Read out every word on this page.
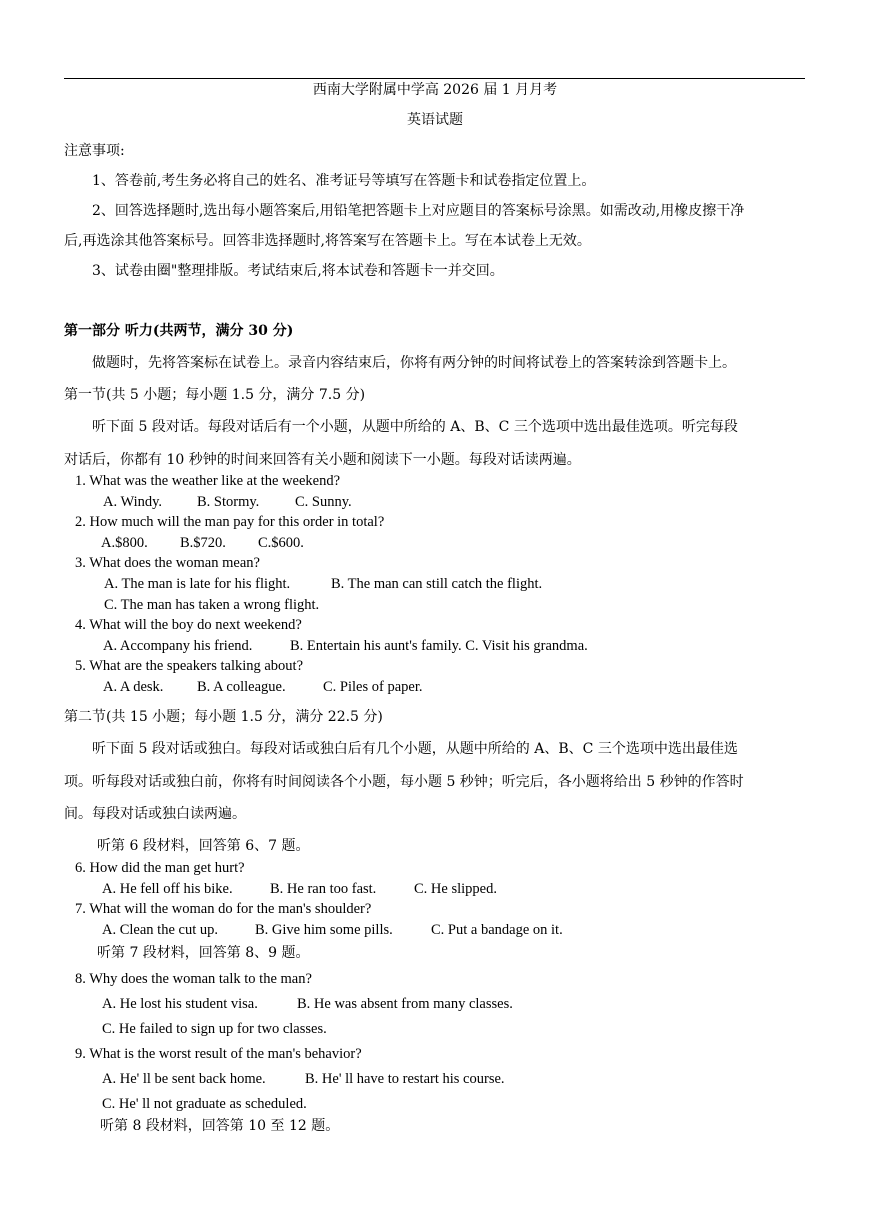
西南大学附属中学高 2026 届 1 月月考
英语试题
注意事项:
1、答卷前,考生务必将自己的姓名、准考证号等填写在答题卡和试卷指定位置上。
2、回答选择题时,选出每小题答案后,用铅笔把答题卡上对应题目的答案标号涂黑。如需改动,用橡皮擦干净
后,再选涂其他答案标号。回答非选择题时,将答案写在答题卡上。写在本试卷上无效。
3、试卷由圈"整理排版。考试结束后,将本试卷和答题卡一并交回。
第一部分 听力(共两节，满分 30 分)
做题时，先将答案标在试卷上。录音内容结束后，你将有两分钟的时间将试卷上的答案转涂到答题卡上。
第一节(共 5 小题；每小题 1.5 分，满分 7.5 分)
听下面 5 段对话。每段对话后有一个小题，从题中所给的 A、B、C 三个选项中选出最佳选项。听完每段
对话后，你都有 10 秒钟的时间来回答有关小题和阅读下一小题。每段对话读两遍。
1. What was the weather like at the weekend?
A. Windy. B. Stormy. C. Sunny.
2. How much will the man pay for this order in total?
A.$800. B.$720. C.$600.
3. What does the woman mean?
A. The man is late for his flight.	B. The man can still catch the flight.
C. The man has taken a wrong flight.
4. What will the boy do next weekend?
A. Accompany his friend.	B. Entertain his aunt's family. C. Visit his grandma.
5. What are the speakers talking about?
A. A desk. B. A colleague.	C. Piles of paper.
第二节(共 15 小题；每小题 1.5 分，满分 22.5 分)
听下面 5 段对话或独白。每段对话或独白后有几个小题，从题中所给的 A、B、C 三个选项中选出最佳选
项。听每段对话或独白前，你将有时间阅读各个小题，每小题 5 秒钟；听完后，各小题将给出 5 秒钟的作答时
间。每段对话或独白读两遍。
听第 6 段材料，回答第 6、7 题。
6. How did the man get hurt?
A. He fell off his bike.	B. He ran too fast.	C. He slipped.
7. What will the woman do for the man's shoulder?
A. Clean the cut up.	B. Give him some pills.	C. Put a bandage on it.
听第 7 段材料，回答第 8、9 题。
8. Why does the woman talk to the man?
A. He lost his student visa.	B. He was absent from many classes.
C. He failed to sign up for two classes.
9. What is the worst result of the man's behavior?
A. He' ll be sent back home.	B. He' ll have to restart his course.
C. He' ll not graduate as scheduled.
听第 8 段材料，回答第 10 至 12 题。
